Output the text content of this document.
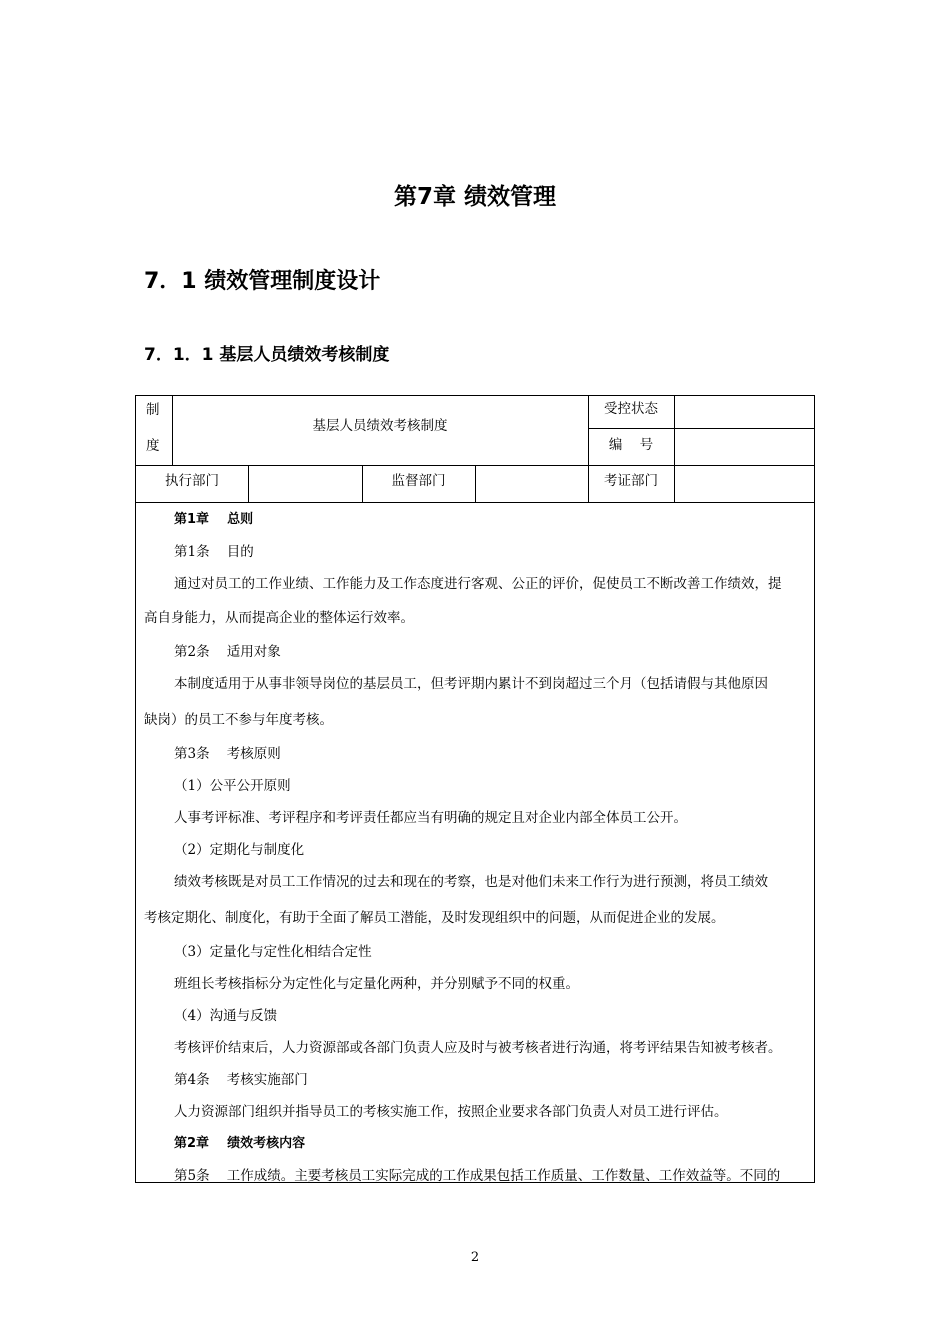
第7章 绩效管理
7．1 绩效管理制度设计
7．1．1 基层人员绩效考核制度
制
度
基层人员绩效考核制度
受控状态
编    号
执行部门	监督部门	考证部门
第1章    总则
第1条    目的
通过对员工的工作业绩、工作能力及工作态度进行客观、公正的评价，促使员工不断改善工作绩效，提
高自身能力，从而提高企业的整体运行效率。
第2条    适用对象
本制度适用于从事非领导岗位的基层员工，但考评期内累计不到岗超过三个月（包括请假与其他原因
缺岗）的员工不参与年度考核。
第3条    考核原则
（1）公平公开原则
人事考评标准、考评程序和考评责任都应当有明确的规定且对企业内部全体员工公开。
（2）定期化与制度化
绩效考核既是对员工工作情况的过去和现在的考察，也是对他们未来工作行为进行预测，将员工绩效
考核定期化、制度化，有助于全面了解员工潜能，及时发现组织中的问题，从而促进企业的发展。
（3）定量化与定性化相结合定性
班组长考核指标分为定性化与定量化两种，并分别赋予不同的权重。
（4）沟通与反馈
考核评价结束后，人力资源部或各部门负责人应及时与被考核者进行沟通，将考评结果告知被考核者。
第4条    考核实施部门
人力资源部门组织并指导员工的考核实施工作，按照企业要求各部门负责人对员工进行评估。
第2章    绩效考核内容
第5条    工作成绩。主要考核员工实际完成的工作成果包括工作质量、工作数量、工作效益等。不同的
2
